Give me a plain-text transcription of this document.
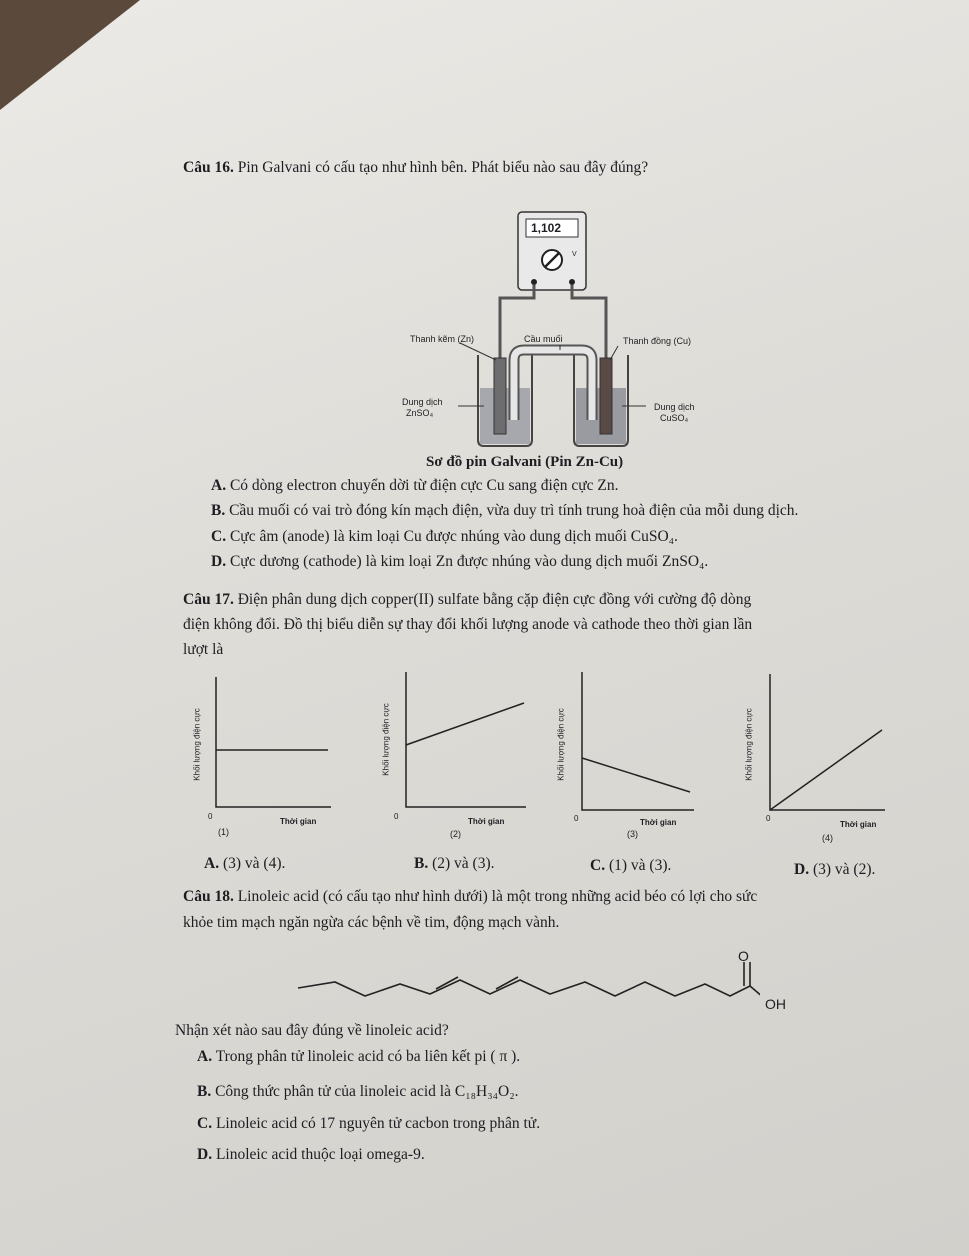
Câu 16. Pin Galvani có cấu tạo như hình bên. Phát biểu nào sau đây đúng?
1,102
V
Thanh kẽm (Zn)	Cầu muối	Thanh đồng (Cu)
Dung dịch
ZnSO₄
Dung dịch
CuSO₄
Sơ đồ pin Galvani (Pin Zn-Cu)
A. Có dòng electron chuyển dời từ điện cực Cu sang điện cực Zn.
B. Cầu muối có vai trò đóng kín mạch điện, vừa duy trì tính trung hoà điện của mỗi dung dịch.
C. Cực âm (anode) là kim loại Cu được nhúng vào dung dịch muối CuSO₄.
D. Cực dương (cathode) là kim loại Zn được nhúng vào dung dịch muối ZnSO₄.
Câu 17. Điện phân dung dịch copper(II) sulfate bằng cặp điện cực đồng với cường độ dòng
điện không đổi. Đồ thị biểu diễn sự thay đổi khối lượng anode và cathode theo thời gian lần
lượt là
Khối lượng điện cực
0
Thời gian
(1)
Khối lượng điện cực
0
Thời gian
(2)
Khối lượng điện cực
0	Thời gian
(3)
Khối lượng điện cực
0
Thời gian
(4)
A. (3) và (4).	B. (2) và (3).	C. (1) và (3).	D. (3) và (2).
Câu 18. Linoleic acid (có cấu tạo như hình dưới) là một trong những acid béo có lợi cho sức
khỏe tim mạch ngăn ngừa các bệnh về tim, động mạch vành.
O
OH
Nhận xét nào sau đây đúng về linoleic acid?
A. Trong phân tử linoleic acid có ba liên kết pi ( π ).
B. Công thức phân tử của linoleic acid là C₁₈H₃₄O₂.
C. Linoleic acid có 17 nguyên tử cacbon trong phân tử.
D. Linoleic acid thuộc loại omega-9.
